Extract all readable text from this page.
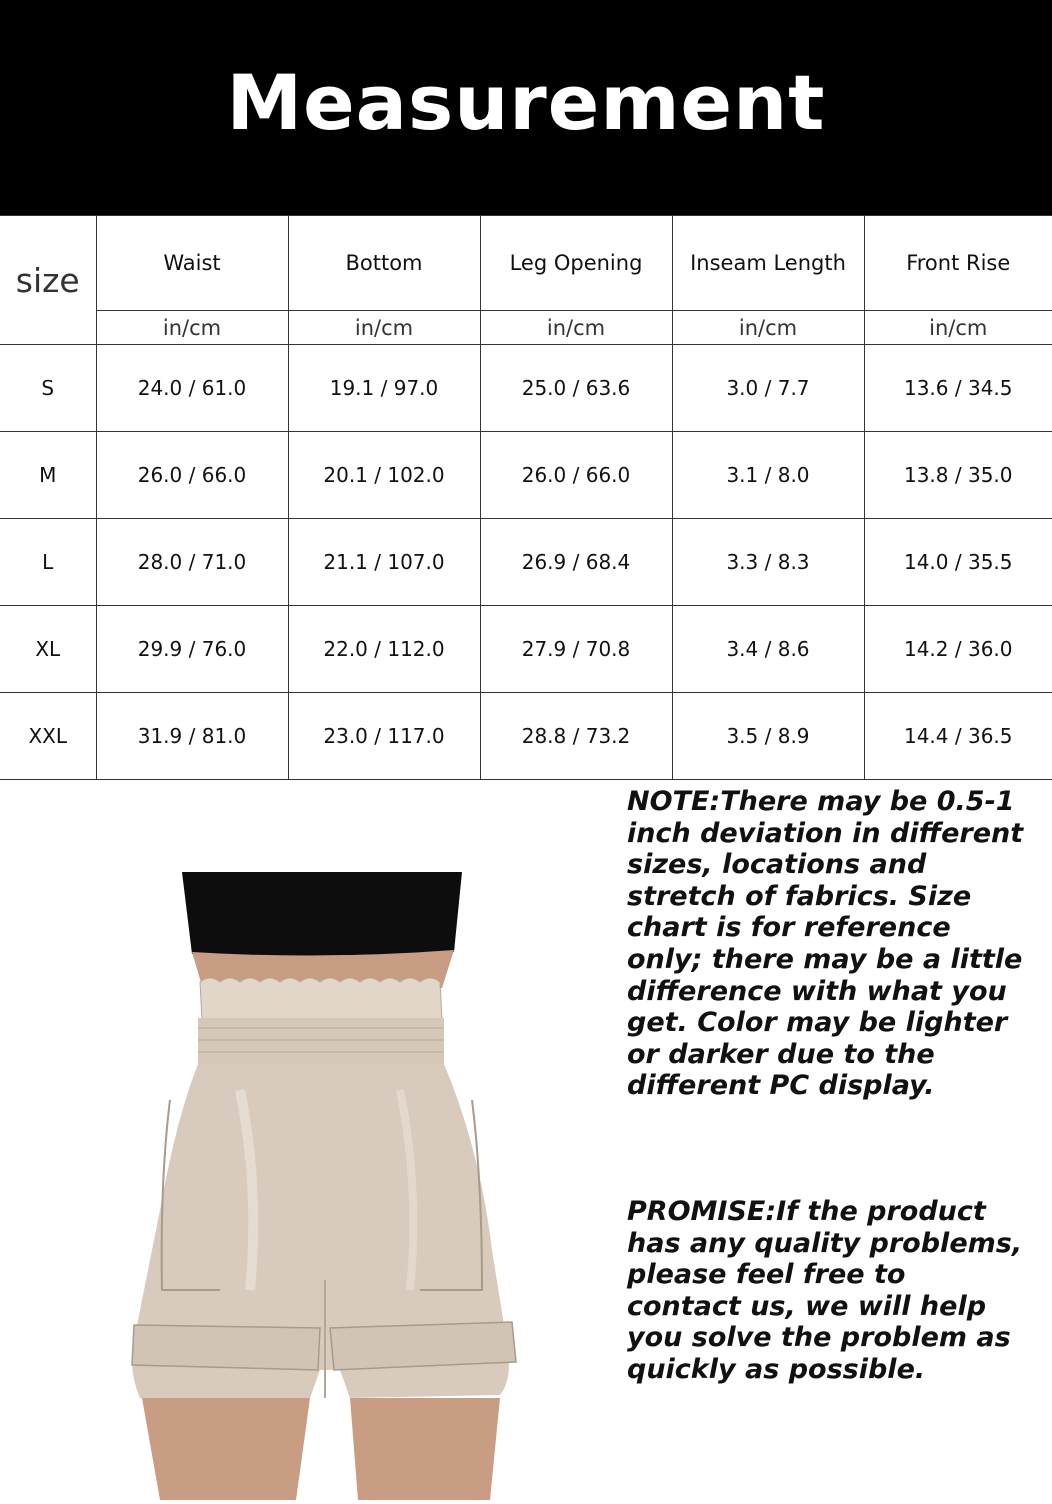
Measurement
size	Waist	Bottom	Leg Opening	Inseam Length	Front Rise
	in/cm	in/cm	in/cm	in/cm	in/cm
S	24.0 / 61.0	19.1 / 97.0	25.0 / 63.6	3.0 / 7.7	13.6 / 34.5
M	26.0 / 66.0	20.1 / 102.0	26.0 / 66.0	3.1 / 8.0	13.8 / 35.0
L	28.0 / 71.0	21.1 / 107.0	26.9 / 68.4	3.3 / 8.3	14.0 / 35.5
XL	29.9 / 76.0	22.0 / 112.0	27.9 / 70.8	3.4 / 8.6	14.2 / 36.0
XXL	31.9 / 81.0	23.0 / 117.0	28.8 / 73.2	3.5 / 8.9	14.4 / 36.5
NOTE:There may be 0.5-1 inch deviation in different sizes, locations and stretch of fabrics. Size chart is for reference only; there may be a little difference with what you get. Color may be lighter or darker due to the different PC display.
PROMISE:If the product has any quality problems, please feel free to contact us, we will help you solve the problem as quickly as possible.
